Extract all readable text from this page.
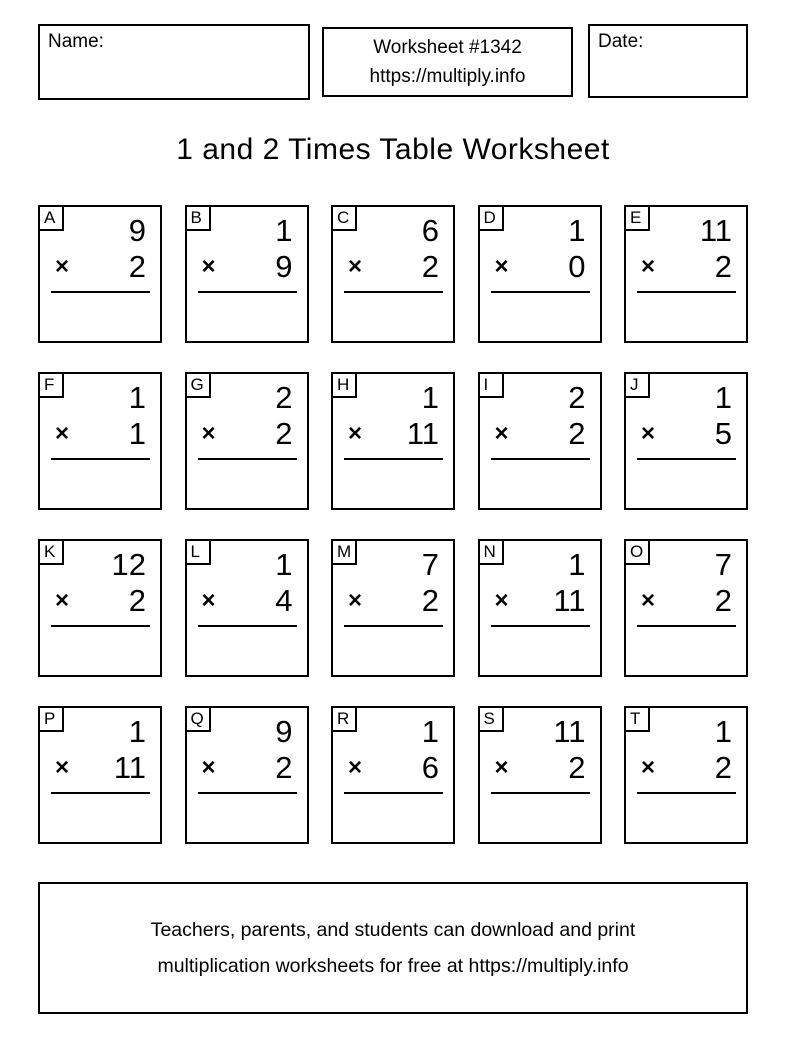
Name:	Worksheet #1342
https://multiply.info
Date:
1 and 2 Times Table Worksheet
A	9
× 2
B	1
× 9
C	6
× 2
D	1
× 0
E	11
× 2
F	1
× 1
G	2
× 2
H	1
× 11
I	2
× 2
J	1
× 5
K	12
× 2
L	1
× 4
M	7
× 2
N	1
× 11
O	7
× 2
P	1
× 11
Q	9
× 2
R	1
× 6
S	11
× 2
T	1
× 2
Teachers, parents, and students can download and print
multiplication worksheets for free at https://multiply.info
